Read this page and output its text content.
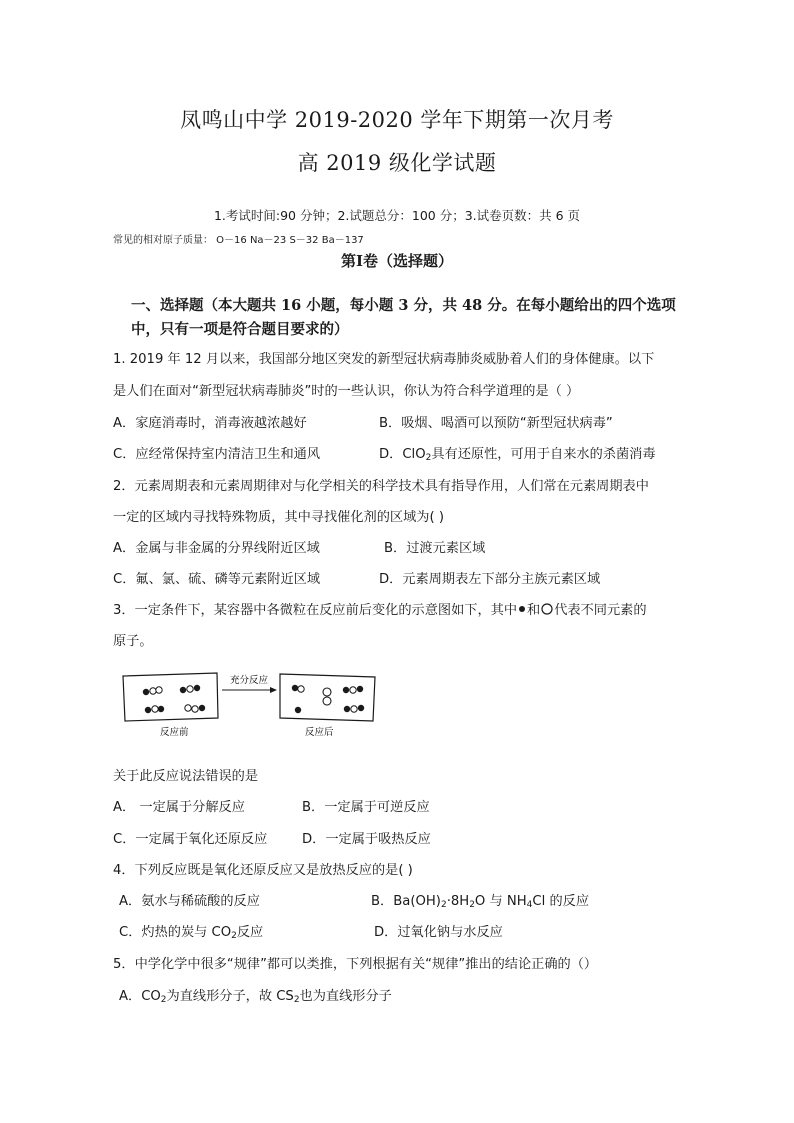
凤鸣山中学 2019-2020 学年下期第一次月考
高 2019 级化学试题
1.考试时间:90 分钟；2.试题总分：100 分；3.试卷页数：共 6 页
常见的相对原子质量： O－16 Na－23 S－32 Ba－137
第Ⅰ卷（选择题）
一、选择题（本大题共 16 小题，每小题 3 分，共 48 分。在每小题给出的四个选项
中，只有一项是符合题目要求的）
1. 2019 年 12 月以来，我国部分地区突发的新型冠状病毒肺炎威胁着人们的身体健康。以下
是人们在面对“新型冠状病毒肺炎”时的一些认识，你认为符合科学道理的是（ ）
A．家庭消毒时，消毒液越浓越好	B．吸烟、喝酒可以预防“新型冠状病毒”
C．应经常保持室内清洁卫生和通风	D．ClO$_2$具有还原性，可用于自来水的杀菌消毒
2．元素周期表和元素周期律对与化学相关的科学技术具有指导作用，人们常在元素周期表中
一定的区域内寻找特殊物质，其中寻找催化剂的区域为( )
A．金属与非金属的分界线附近区域	B．过渡元素区域
C．氟、氯、硫、磷等元素附近区域	D．元素周期表左下部分主族元素区域
3．一定条件下，某容器中各微粒在反应前后变化的示意图如下，其中 和 代表不同元素的
原子。
充分反应
反应前	反应后
关于此反应说法错误的是
A． 一定属于分解反应	B．一定属于可逆反应
C．一定属于氧化还原反应	D．一定属于吸热反应
4．下列反应既是氧化还原反应又是放热反应的是( )
A．氨水与稀硫酸的反应	B．$Ba(OH)_2\cdot 8H_2O$ 与 $NH_4Cl$ 的反应
C．灼热的炭与 $CO_2$反应	D．过氧化钠与水反应
5．中学化学中很多“规律”都可以类推，下列根据有关“规律”推出的结论正确的（）
A．$CO_2$为直线形分子，故 $CS_2$也为直线形分子
